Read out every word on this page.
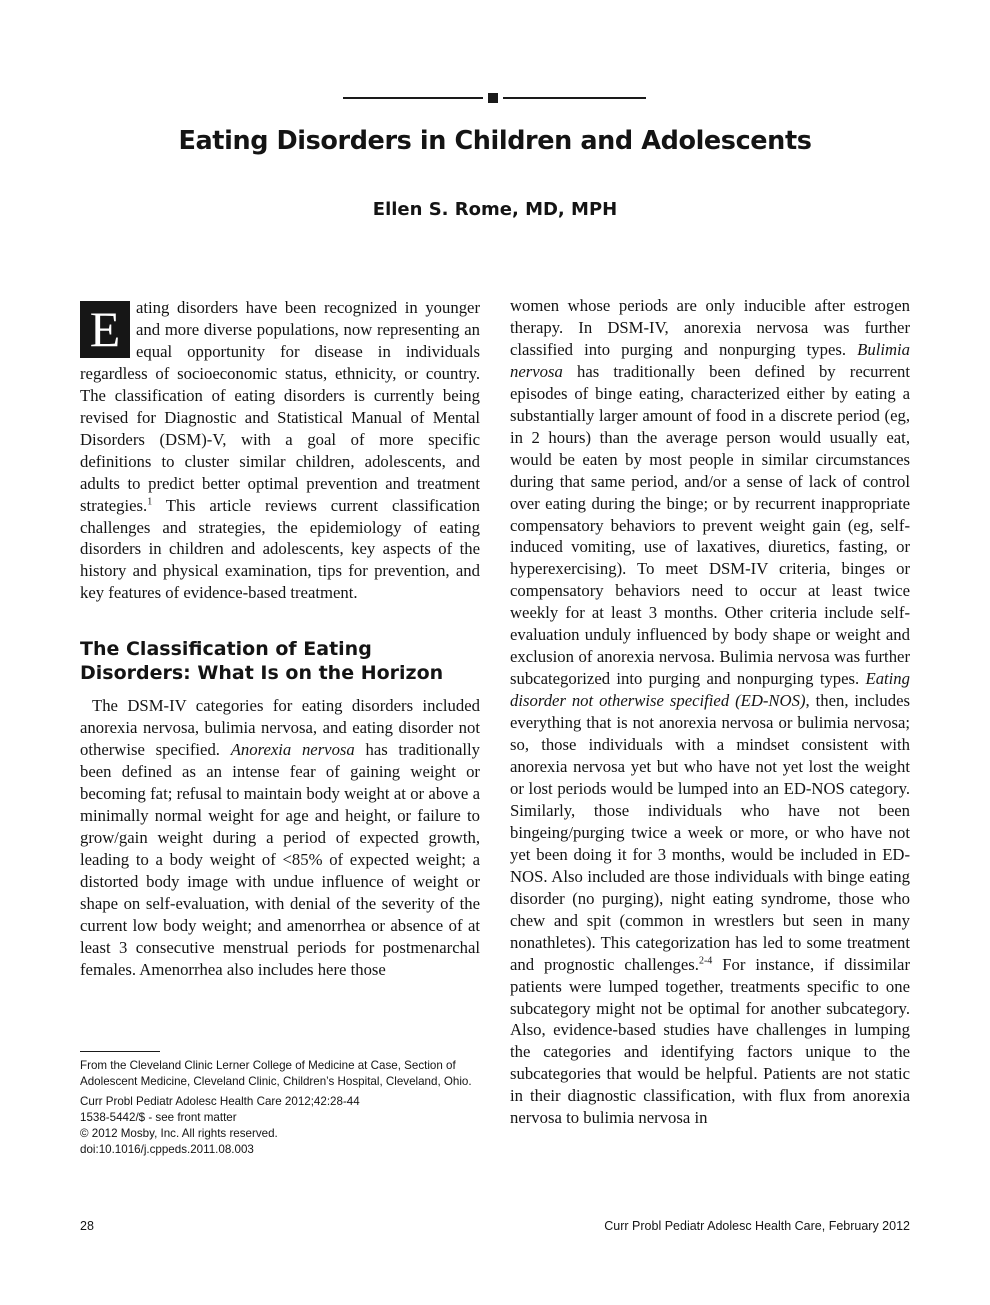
Eating Disorders in Children and Adolescents
Ellen S. Rome, MD, MPH

E ating disorders have been recognized in younger and more diverse populations, now representing an equal opportunity for disease in individuals regardless of socioeconomic status, ethnicity, or country. The classification of eating disorders is currently being revised for Diagnostic and Statistical Manual of Mental Disorders (DSM)-V, with a goal of more specific definitions to cluster similar children, adolescents, and adults to predict better optimal prevention and treatment strategies.$^1$ This article reviews current classification challenges and strategies, the epidemiology of eating disorders in children and adolescents, key aspects of the history and physical examination, tips for prevention, and key features of evidence-based treatment.

The Classification of Eating Disorders: What Is on the Horizon

The DSM-IV categories for eating disorders included anorexia nervosa, bulimia nervosa, and eating disorder not otherwise specified. Anorexia nervosa has traditionally been defined as an intense fear of gaining weight or becoming fat; refusal to maintain body weight at or above a minimally normal weight for age and height, or failure to grow/gain weight during a period of expected growth, leading to a body weight of <85% of expected weight; a distorted body image with undue influence of weight or shape on self-evaluation, with denial of the severity of the current low body weight; and amenorrhea or absence of at least 3 consecutive menstrual periods for postmenarchal females. Amenorrhea also includes here those

women whose periods are only inducible after estrogen therapy. In DSM-IV, anorexia nervosa was further classified into purging and nonpurging types. Bulimia nervosa has traditionally been defined by recurrent episodes of binge eating, characterized either by eating a substantially larger amount of food in a discrete period (eg, in 2 hours) than the average person would usually eat, would be eaten by most people in similar circumstances during that same period, and/or a sense of lack of control over eating during the binge; or by recurrent inappropriate compensatory behaviors to prevent weight gain (eg, self-induced vomiting, use of laxatives, diuretics, fasting, or hyperexercising). To meet DSM-IV criteria, binges or compensatory behaviors need to occur at least twice weekly for at least 3 months. Other criteria include self-evaluation unduly influenced by body shape or weight and exclusion of anorexia nervosa. Bulimia nervosa was further subcategorized into purging and nonpurging types. Eating disorder not otherwise specified (ED-NOS), then, includes everything that is not anorexia nervosa or bulimia nervosa; so, those individuals with a mindset consistent with anorexia nervosa yet but who have not yet lost the weight or lost periods would be lumped into an ED-NOS category. Similarly, those individuals who have not been bingeing/purging twice a week or more, or who have not yet been doing it for 3 months, would be included in ED-NOS. Also included are those individuals with binge eating disorder (no purging), night eating syndrome, those who chew and spit (common in wrestlers but seen in many nonathletes). This categorization has led to some treatment and prognostic challenges.$^{2-4}$ For instance, if dissimilar patients were lumped together, treatments specific to one subcategory might not be optimal for another subcategory. Also, evidence-based studies have challenges in lumping the categories and identifying factors unique to the subcategories that would be helpful. Patients are not static in their diagnostic classification, with flux from anorexia nervosa to bulimia nervosa in

From the Cleveland Clinic Lerner College of Medicine at Case, Section of Adolescent Medicine, Cleveland Clinic, Children’s Hospital, Cleveland, Ohio.
Curr Probl Pediatr Adolesc Health Care 2012;42:28-44
1538-5442/$ - see front matter
© 2012 Mosby, Inc. All rights reserved.
doi:10.1016/j.cppeds.2011.08.003
28	Curr Probl Pediatr Adolesc Health Care, February 2012
